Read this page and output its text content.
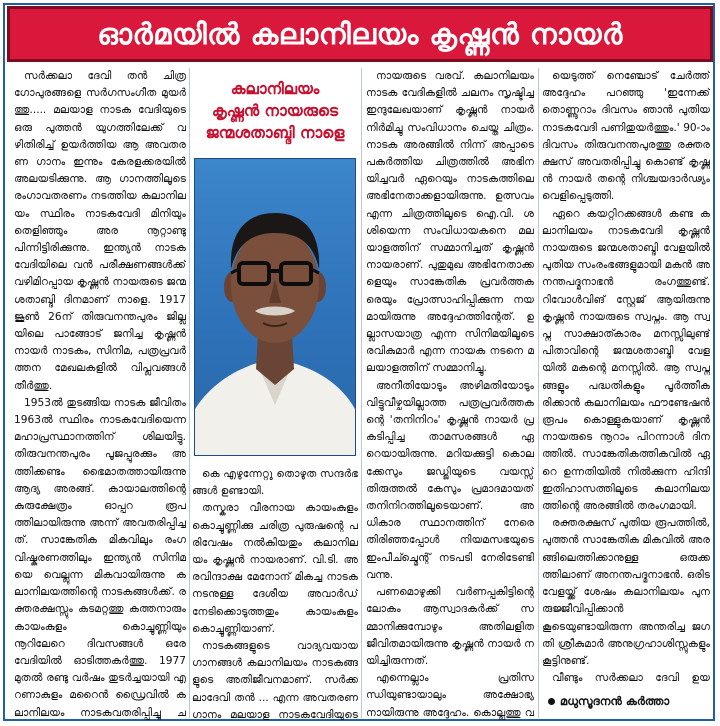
ഓർമയിൽ കലാനിലയം കൃഷ്ണൻ നായർ

സർക്കലാ ദേവി തൻ ചിത്ര ഗോപുരങ്ങളെ സർഗസംഗീത മുയർത്തു..... മലയാള നാടക വേദിയുടെ ഒരു പുത്തൻ യുഗത്തിലേക്ക് വഴിതിരിച്ച് ഉയർത്തിയ ആ അവതരണ ഗാനം ഇന്നും കേരളക്കരയിൽ അലയടിക്കുന്നു. ആ ഗാനത്തിലൂടെ രംഗാവതരണം നടത്തിയ കലാനിലയം സ്ഥിരം നാടകവേദി മിനിയും തെളിഞ്ഞും അര നൂറ്റാണ്ടു പിന്നിട്ടിരിക്കുന്നു. ഇന്ത്യൻ നാടക വേദിയിലെ വൻ പരീക്ഷണങ്ങൾക്ക് വഴിമിറപ്പായ കൃഷ്ണൻ നായരുടെ ജന്മശതാബ്ദി ദിനമാണ് നാളെ. 1917 ജൂൺ 26ന് തിരുവനന്തപുരം ജില്ലയിലെ പാങ്ങോട് ജനിച്ച കൃഷ്ണൻ നായർ നാടകം, സിനിമ, പത്രപ്രവർത്തന മേഖലകളിൽ വിപ്ലവങ്ങൾ തീർത്തു.

1953ൽ തുടങ്ങിയ നാടക ജീവിതം 1963ൽ സ്ഥിരം നാടകവേദിയെന്ന മഹാപ്രസ്ഥാനത്തിന് ശിലയിട്ടു. തിരുവനന്തപുരം പൂജപ്പുരക്കും അത്തിക്കണ്ടം ഭൈമാതത്തായിരുന്നു ആദ്യ അരങ്ങ്. കായാലത്തിന്റെ കുരുക്ഷേത്രം ഓപ്പറ രൂപത്തിലായിരുന്നു അന്ന് അവതരിപ്പിച്ചത്. സാങ്കേതിക മികവിലും രംഗ വിഷ്കരണത്തിലും ഇന്ത്യൻ സിനിമയെ വെല്ലുന്ന മികവായിരുന്നു കലാനിലയത്തിന്റെ നാടകങ്ങൾക്ക്. രക്തരക്ഷസ്സും കടമറ്റത്തു കത്തനാരും കായംകുളം കൊച്ചുണ്ണിയും നൂറിലേറെ ദിവസങ്ങൾ ഒരേ വേദിയിൽ ഓടിത്തകർത്തു. 1977 മുതൽ രണ്ടു വർഷം തുടർച്ചയായി എറണാകുളം മറൈൻ ഡ്രൈവിൽ കലാനിലയം നാടകവതരിപ്പിച്ചു ച

കലാനിലയം
കൃഷ്ണൻ നായരുടെ
ജന്മശതാബ്ദി നാളെ

കെ എഴുന്നേറ്റു തൊഴുത സന്ദർഭങ്ങൾ ഉണ്ടായി.

തസ്കരാ വീരനായ കായംകുളം കൊച്ചുണ്ണിക്കു ചരിത്ര പുരുഷന്റെ പരിവേഷം നൽകിയതും കലാനിലയം കൃഷ്ണൻ നായരാണ്. വി.ടി. അരവിന്ദാക്ഷ മേനോന് മികച്ച നാടക നടനുള്ള ദേശീയ അവാർഡ് നേടിക്കൊടുത്തതും കായംകുളം കൊച്ചുണ്ണിയാണ്.

നാടകങ്ങളുടെ വാദ്യവയായ ഗാനങ്ങൾ കലാനിലയം നാടകങ്ങളുടെ അതിജീവനമാണ്. സർക്കലാദേവി തൻ ... എന്ന അവതരണഗാനം മലയാള നാടകവേദിയുടെ

നായരുടെ വരവ്. കലാനിലയം നാടക വേദികളിൽ ചലനം സൃഷ്ടിച്ച ഇന്ദുലേഖയാണ് കൃഷ്ണൻ നായർ നിർമിച്ചു സംവിധാനം ചെയ്ത ചിത്രം. നാടക അരങ്ങിൽ നിന്ന് അപ്പാടെ പകർത്തിയ ചിത്രത്തിൽ അഭിനയിച്ചവർ ഏറെയും നാടകത്തിലെ അഭിനേതാക്കളായിരുന്നു. ഉത്സവം എന്ന ചിത്രത്തിലൂടെ ഐ.വി. ശശിയെന്ന സംവിധായകനെ മലയാളത്തിന് സമ്മാനിച്ചത് കൃഷ്ണൻ നായരാണ്. പുതുമുഖ അഭിനേതാക്കളെയും സാങ്കേതിക പ്രവർത്തകരെയും പ്രോത്സാഹിപ്പിക്കുന്ന നയമായിരുന്നു അദ്ദേഹത്തിന്റേത്. ഉല്ലാസയാത്ര എന്ന സിനിമയിലൂടെ രവികുമാർ എന്ന നായക നടനെ മലയാളത്തിന് സമ്മാനിച്ചു.

അനീതിയോടും അഴിമതിയോടും വിട്ടുവീഴ്ചയില്ലാത്ത പത്രപ്രവർത്തകന്റെ 'തനിനിറം' കൃഷ്ണൻ നായർ പ്രകടിപ്പിച്ച താമസരങ്ങൾ ഏറെയായിരുന്നു. മറിയക്കുട്ടി കൊലക്കേസും ജഡ്ജിയുടെ വയസ്സ് തിരുത്തൽ കേസും പ്രമാദമായത് തനിനിറത്തിലൂടെയാണ്. അധികാര സ്ഥാനത്തിന് നേരെ തിരിഞ്ഞപ്പോൾ നിയമസഭയുടെ ഇംപീച്ച്മെന്റ് നടപടി നേരിടേണ്ടി വന്നു.

പണമൊഴുക്കി വർണപ്പകിട്ടിന്റെ ലോകം ആസ്വാദകർക്ക് സമ്മാനിക്കുമ്പോഴും അതിലളിത ജീവിതമായിരുന്നു കൃഷ്ണൻ നായർ നയിച്ചിരുന്നത്.

എന്നെല്ലാം പ്രതിസന്ധിയുണ്ടായാലും അക്ഷോഭ്യനായിരുന്നു അദ്ദേഹം. കൊല്ലത്തു വ

യെടുത്ത് നെഞ്ചോട് ചേർത്ത് അദ്ദേഹം പറഞ്ഞു 'ഇന്നേക്ക് തൊണ്ണൂറാം ദിവസം ഞാൻ പുതിയ നാടകവേദി പണിതുയർത്തും.' 90-ാം ദിവസം തിരുവനന്തപുരത്തു രക്തരക്ഷസ് അവതരിപ്പിച്ചു കൊണ്ട് കൃഷ്ണൻ നായർ തന്റെ നിശ്ചയദാർഢ്യം വെളിപ്പെടുത്തി.

ഏറെ കയറ്റിറക്കങ്ങൾ കണ്ട കലാനിലയം നാടകവേദി കൃഷ്ണൻ നായരുടെ ജന്മശതാബ്ദി വേളയിൽ പുതിയ സംരംഭങ്ങളുമായി മകൻ അനന്തപദ്മനാഭൻ രംഗത്തുണ്ട്. റിവോൾവിങ് സ്റ്റേജ് ആയിരുന്നു കൃഷ്ണൻ നായരുടെ സ്വപ്നം. ആ സ്വപ്ന സാക്ഷാത്കാരം മനസ്സിലുണ്ട് പിതാവിന്റെ ജന്മശതാബ്ദി വേളയിൽ മകന്റെ മനസ്സിൽ. ആ സ്വപ്നങ്ങളും പദ്ധതികളും പൂർത്തീകരിക്കാൻ കലാനിലയം ഫൗണ്ടേഷൻ രൂപം കൊള്ളുകയാണ് കൃഷ്ണൻ നായരുടെ നൂറാം പിറന്നാൾ ദിനത്തിൽ. സാങ്കേതികത്തികവിൽ ഏറെ ഉന്നതിയിൽ നിൽക്കുന്ന ഹിന്ദി ഇതിഹാസത്തിലൂടെ കലാനിലയത്തിന്റെ അരങ്ങിൽ തരംഗമായി.

രക്തരക്ഷസ് പുതിയ രൂപത്തിൽ, പുത്തൻ സാങ്കേതിക മികവിൽ അരങ്ങിലെത്തിക്കാനുള്ള ഒരുക്കത്തിലാണ് അനന്തപദ്മനാഭൻ. ഒരിടവേളയ്ക്ക് ശേഷം കലാനിലയം പുനരുജ്ജീവിപ്പിക്കാൻ കൂടെയുണ്ടായിരുന്ന അന്തരിച്ച ജഗതി ശ്രീകുമാർ അനുഗ്രഹാശിസ്സുകളും കൂട്ടിനുണ്ട്.

വീണ്ടും സർക്കലാ ദേവി ഉയ

മധുസൂദനൻ കർത്താ
